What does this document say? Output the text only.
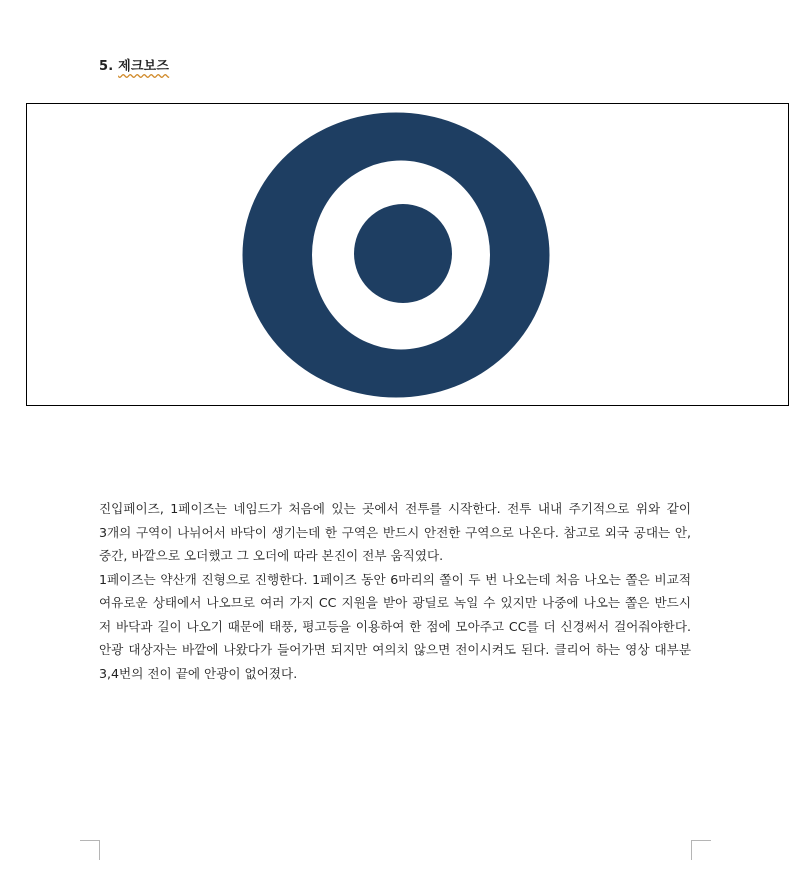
5. 제크보즈

진입페이즈, 1페이즈는 네임드가 처음에 있는 곳에서 전투를 시작한다. 전투 내내 주기적으로 위와 같이 3개의 구역이 나뉘어서 바닥이 생기는데 한 구역은 반드시 안전한 구역으로 나온다. 참고로 외국 공대는 안, 중간, 바깥으로 오더했고 그 오더에 따라 본진이 전부 움직였다.

1페이즈는 약산개 진형으로 진행한다. 1페이즈 동안 6마리의 쫄이 두 번 나오는데 처음 나오는 쫄은 비교적 여유로운 상태에서 나오므로 여러 가지 CC 지원을 받아 광딜로 녹일 수 있지만 나중에 나오는 쫄은 반드시 저 바닥과 길이 나오기 때문에 태풍, 평고등을 이용하여 한 점에 모아주고 CC를 더 신경써서 걸어줘야한다. 안광 대상자는 바깥에 나왔다가 들어가면 되지만 여의치 않으면 전이시켜도 된다. 클리어 하는 영상 대부분 3,4번의 전이 끝에 안광이 없어졌다.
